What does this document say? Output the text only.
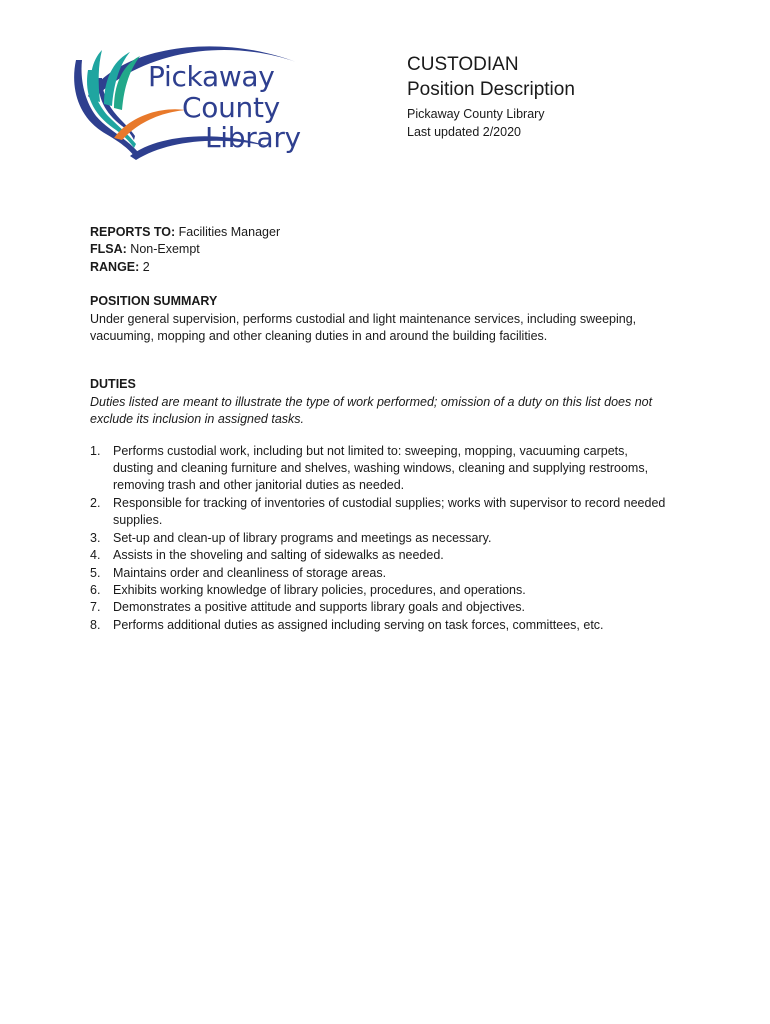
Pickaway
County
Library
CUSTODIAN
Position Description
Pickaway County Library
Last updated 2/2020
REPORTS TO: Facilities Manager
FLSA: Non-Exempt
RANGE: 2
POSITION SUMMARY
Under general supervision, performs custodial and light maintenance services, including sweeping,
vacuuming, mopping and other cleaning duties in and around the building facilities.
DUTIES
Duties listed are meant to illustrate the type of work performed; omission of a duty on this list does not
exclude its inclusion in assigned tasks.
1. Performs custodial work, including but not limited to: sweeping, mopping, vacuuming carpets,
dusting and cleaning furniture and shelves, washing windows, cleaning and supplying restrooms,
removing trash and other janitorial duties as needed.
2. Responsible for tracking of inventories of custodial supplies; works with supervisor to record needed
supplies.
3. Set-up and clean-up of library programs and meetings as necessary.
4. Assists in the shoveling and salting of sidewalks as needed.
5. Maintains order and cleanliness of storage areas.
6. Exhibits working knowledge of library policies, procedures, and operations.
7. Demonstrates a positive attitude and supports library goals and objectives.
8. Performs additional duties as assigned including serving on task forces, committees, etc.
